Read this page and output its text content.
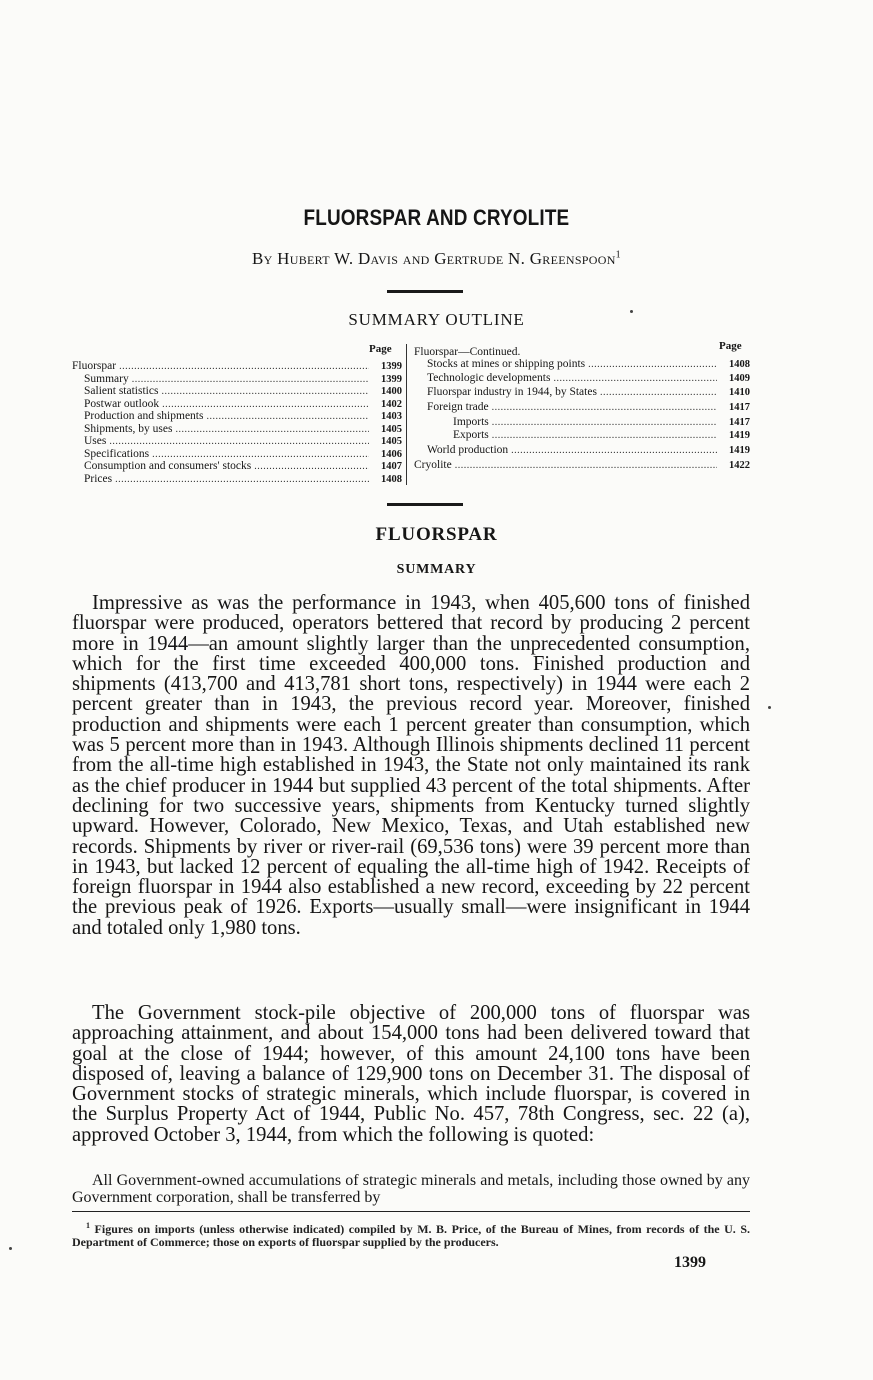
FLUORSPAR AND CRYOLITE
By Hubert W. Davis and Gertrude N. Greenspoon$^1$
SUMMARY OUTLINE
Page
Fluorspar .....	1399
Summary .....	1399
Salient statistics .....	1400
Postwar outlook .....	1402
Production and shipments .....	1403
Shipments, by uses .....	1405
Uses .....	1405
Specifications .....	1406
Consumption and consumers' stocks .....	1407
Prices .....	1408
Page
Fluorspar—Continued.
Stocks at mines or shipping points .....	1408
Technologic developments .....	1409
Fluorspar industry in 1944, by States .....	1410
Foreign trade .....	1417
Imports .....	1417
Exports .....	1419
World production .....	1419
Cryolite .....	1422
FLUORSPAR
SUMMARY

Impressive as was the performance in 1943, when 405,600 tons of finished fluorspar were produced, operators bettered that record by producing 2 percent more in 1944—an amount slightly larger than the unprecedented consumption, which for the first time exceeded 400,000 tons. Finished production and shipments (413,700 and 413,781 short tons, respectively) in 1944 were each 2 percent greater than in 1943, the previous record year. Moreover, finished production and shipments were each 1 percent greater than consumption, which was 5 percent more than in 1943. Although Illinois shipments declined 11 percent from the all-time high established in 1943, the State not only maintained its rank as the chief producer in 1944 but supplied 43 percent of the total shipments. After declining for two successive years, shipments from Kentucky turned slightly upward. However, Colorado, New Mexico, Texas, and Utah established new records. Shipments by river or river-rail (69,536 tons) were 39 percent more than in 1943, but lacked 12 percent of equaling the all-time high of 1942. Receipts of foreign fluorspar in 1944 also established a new record, exceeding by 22 percent the previous peak of 1926. Exports—usually small—were insignificant in 1944 and totaled only 1,980 tons.

The Government stock-pile objective of 200,000 tons of fluorspar was approaching attainment, and about 154,000 tons had been delivered toward that goal at the close of 1944; however, of this amount 24,100 tons have been disposed of, leaving a balance of 129,900 tons on December 31. The disposal of Government stocks of strategic minerals, which include fluorspar, is covered in the Surplus Property Act of 1944, Public No. 457, 78th Congress, sec. 22 (a), approved October 3, 1944, from which the following is quoted:

All Government-owned accumulations of strategic minerals and metals, including those owned by any Government corporation, shall be transferred by

$^1$ Figures on imports (unless otherwise indicated) compiled by M. B. Price, of the Bureau of Mines, from records of the U. S. Department of Commerce; those on exports of fluorspar supplied by the producers.

1399
